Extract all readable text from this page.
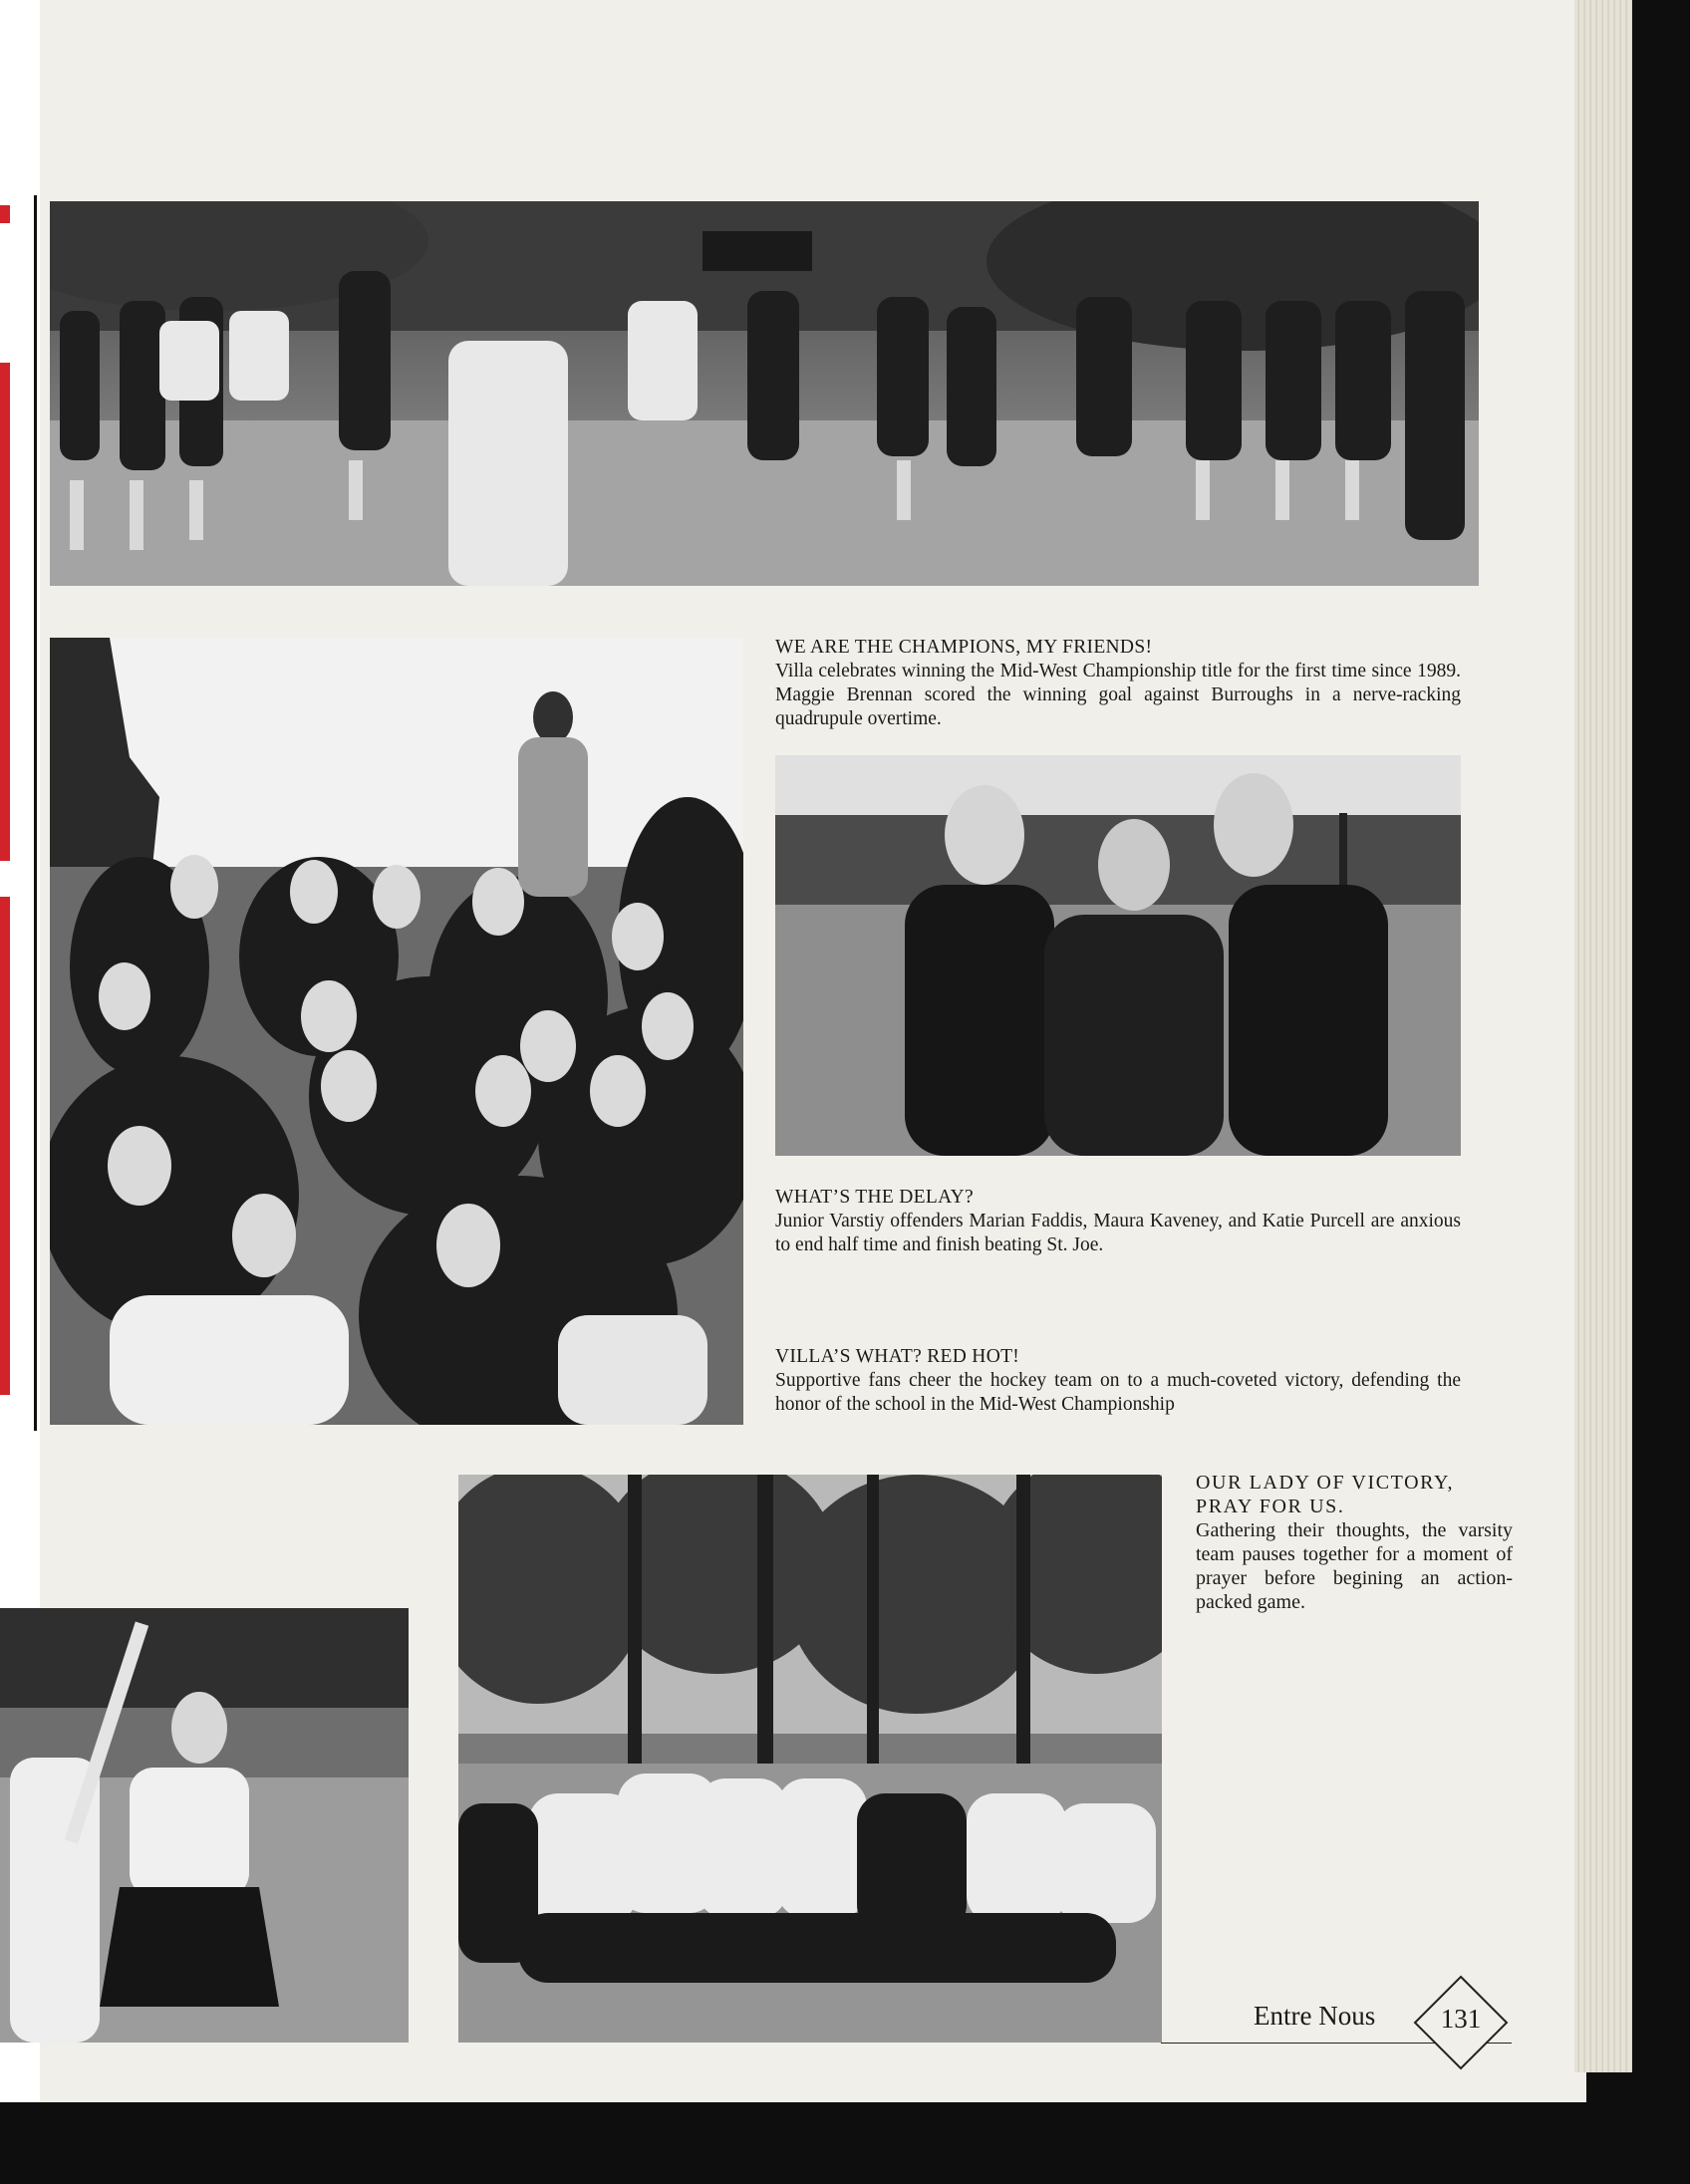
WE ARE THE CHAMPIONS, MY FRIENDS!
Villa celebrates winning the Mid-West Championship title for the first time since 1989. Maggie Brennan scored the winning goal against Burroughs in a nerve-racking quadrupule overtime.
WHAT’S THE DELAY?
Junior Varstiy offenders Marian Faddis, Maura Kaveney, and Katie Purcell are anxious to end half time and finish beating St. Joe.
VILLA’S WHAT? RED HOT!
Supportive fans cheer the hockey team on to a much-coveted victory, defending the honor of the school in the Mid-West Championship
OUR LADY OF VICTORY, PRAY FOR US.
Gathering their thoughts, the varsity team pauses together for a moment of prayer before begining an action-packed game.
Entre Nous	131
